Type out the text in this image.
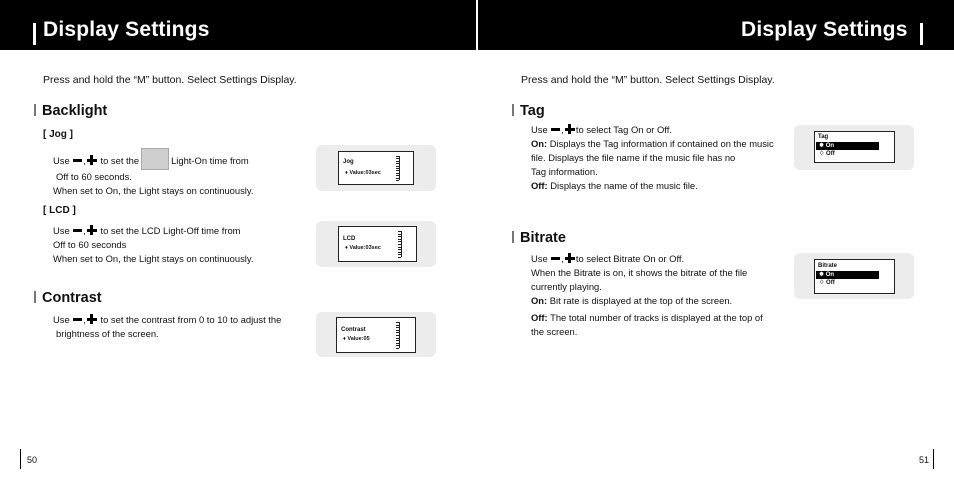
Display Settings	Display Settings
Press and hold the “M” button. Select Settings Display.
Backlight
[ Jog ]
Use , to set the	Light-On time from
Off to 60 seconds.
When set to On, the Light stays on continuously.
[ LCD ]
Use , to set the LCD Light-Off time from
Off to 60 seconds
When set to On, the Light stays on continuously.
Contrast
Use , to set the contrast from 0 to 10 to adjust the
brightness of the screen.
Jog
♦ Value:03sec
LCD
♦ Value:03sec
Contrast
♦ Value:05
50
Press and hold the “M” button. Select Settings Display.
Tag
Use , to select Tag On or Off.
On: Displays the Tag information if contained on the music
file. Displays the file name if the music file has no
Tag information.
Off: Displays the name of the music file.
Bitrate
Use , to select Bitrate On or Off.
When the Bitrate is on, it shows the bitrate of the file
currently playing.
On: Bit rate is displayed at the top of the screen.
Off: The total number of tracks is displayed at the top of
the screen.
Tag
✸ On
♢ Off
Bitrate
✸ On
♢ Off
51
